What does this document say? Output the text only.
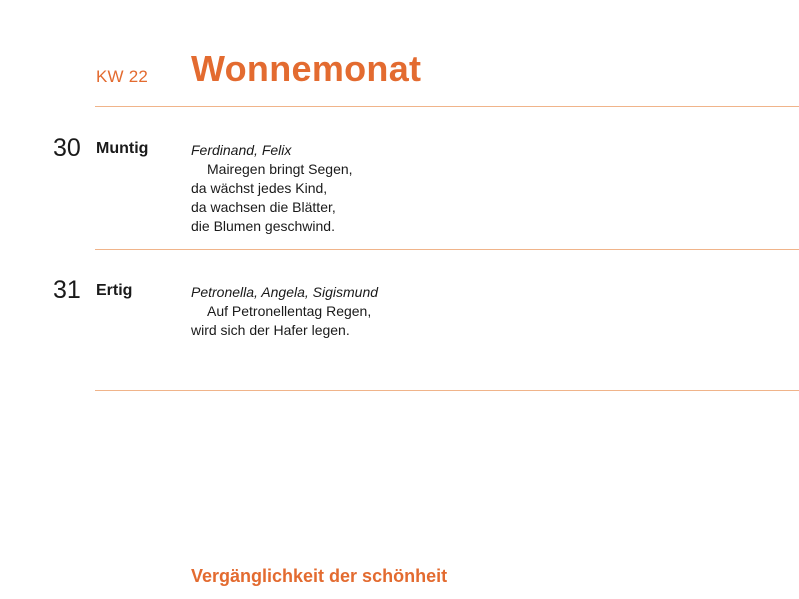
KW 22 Wonnemonat
30 Muntig	Ferdinand, Felix
Mairegen bringt Segen,
da wächst jedes Kind,
da wachsen die Blätter,
die Blumen geschwind.
31 Ertig	Petronella, Angela, Sigismund
Auf Petronellentag Regen,
wird sich der Hafer legen.
Vergänglichkeit der schönheit
